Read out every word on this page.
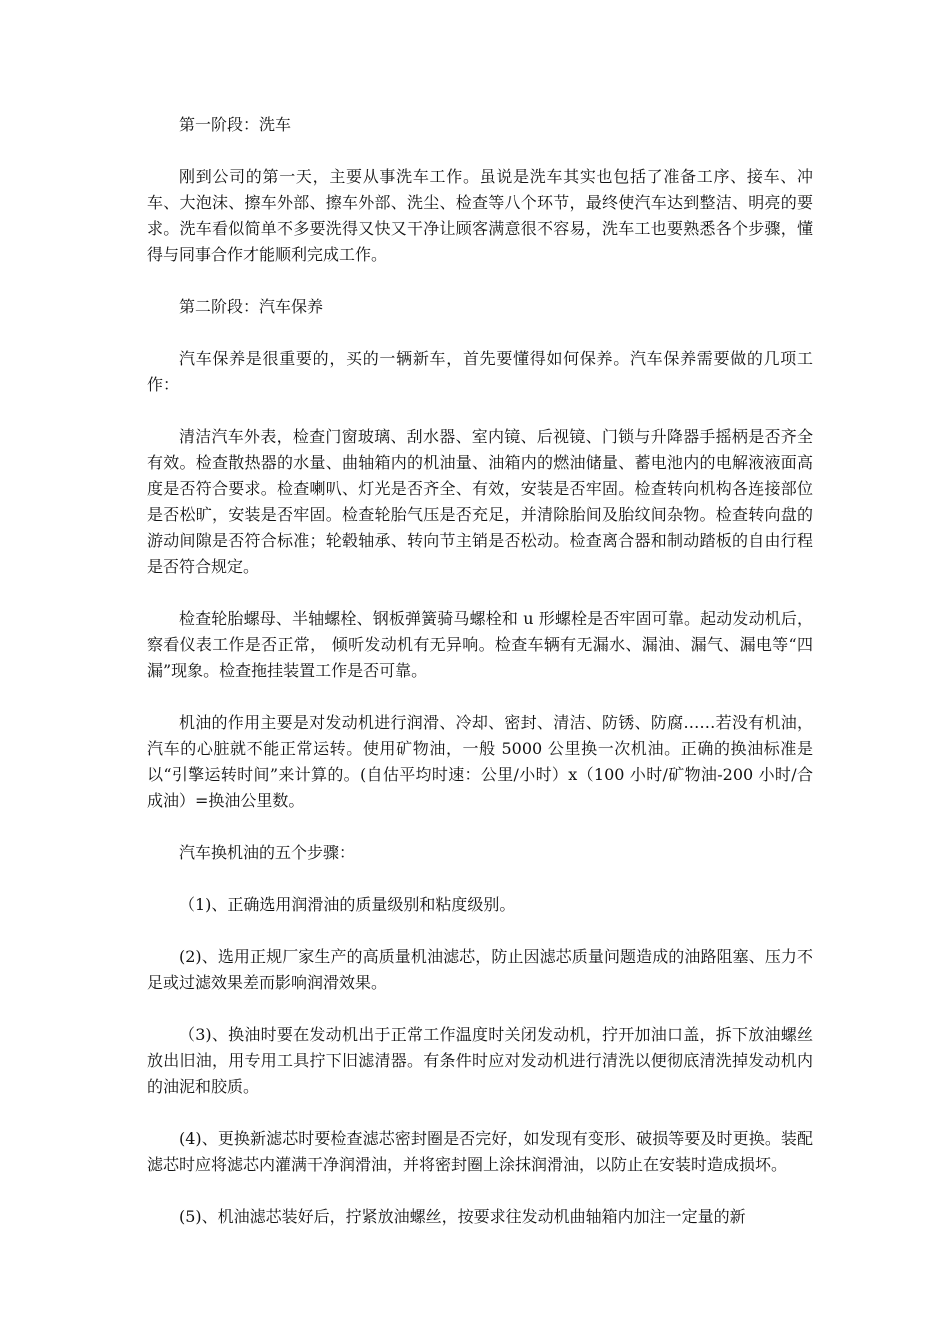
第一阶段：洗车

刚到公司的第一天，主要从事洗车工作。虽说是洗车其实也包括了准备工序、接车、冲车、大泡沫、擦车外部、擦车外部、洗尘、检查等八个环节，最终使汽车达到整洁、明亮的要求。洗车看似简单不多要洗得又快又干净让顾客满意很不容易，洗车工也要熟悉各个步骤，懂得与同事合作才能顺利完成工作。

第二阶段：汽车保养

汽车保养是很重要的，买的一辆新车，首先要懂得如何保养。汽车保养需要做的几项工作：

清洁汽车外表，检查门窗玻璃、刮水器、室内镜、后视镜、门锁与升降器手摇柄是否齐全有效。检查散热器的水量、曲轴箱内的机油量、油箱内的燃油储量、蓄电池内的电解液液面高度是否符合要求。检查喇叭、灯光是否齐全、有效，安装是否牢固。检查转向机构各连接部位是否松旷，安装是否牢固。检查轮胎气压是否充足，并清除胎间及胎纹间杂物。检查转向盘的游动间隙是否符合标准；轮毂轴承、转向节主销是否松动。检查离合器和制动踏板的自由行程是否符合规定。

检查轮胎螺母、半轴螺栓、钢板弹簧骑马螺栓和 u 形螺栓是否牢固可靠。起动发动机后，察看仪表工作是否正常， 倾听发动机有无异响。检查车辆有无漏水、漏油、漏气、漏电等“四漏”现象。检查拖挂装置工作是否可靠。

机油的作用主要是对发动机进行润滑、冷却、密封、清洁、防锈、防腐……若没有机油，汽车的心脏就不能正常运转。使用矿物油，一般 5000 公里换一次机油。正确的换油标准是以“引擎运转时间”来计算的。(自估平均时速：公里/小时）x（100 小时/矿物油-200 小时/合成油）=换油公里数。

汽车换机油的五个步骤：

（1)、正确选用润滑油的质量级别和粘度级别。

(2)、选用正规厂家生产的高质量机油滤芯，防止因滤芯质量问题造成的油路阻塞、压力不足或过滤效果差而影响润滑效果。

（3)、换油时要在发动机出于正常工作温度时关闭发动机，拧开加油口盖，拆下放油螺丝放出旧油，用专用工具拧下旧滤清器。有条件时应对发动机进行清洗以便彻底清洗掉发动机内的油泥和胶质。

(4)、更换新滤芯时要检查滤芯密封圈是否完好，如发现有变形、破损等要及时更换。装配滤芯时应将滤芯内灌满干净润滑油，并将密封圈上涂抹润滑油，以防止在安装时造成损坏。

(5)、机油滤芯装好后，拧紧放油螺丝，按要求往发动机曲轴箱内加注一定量的新
